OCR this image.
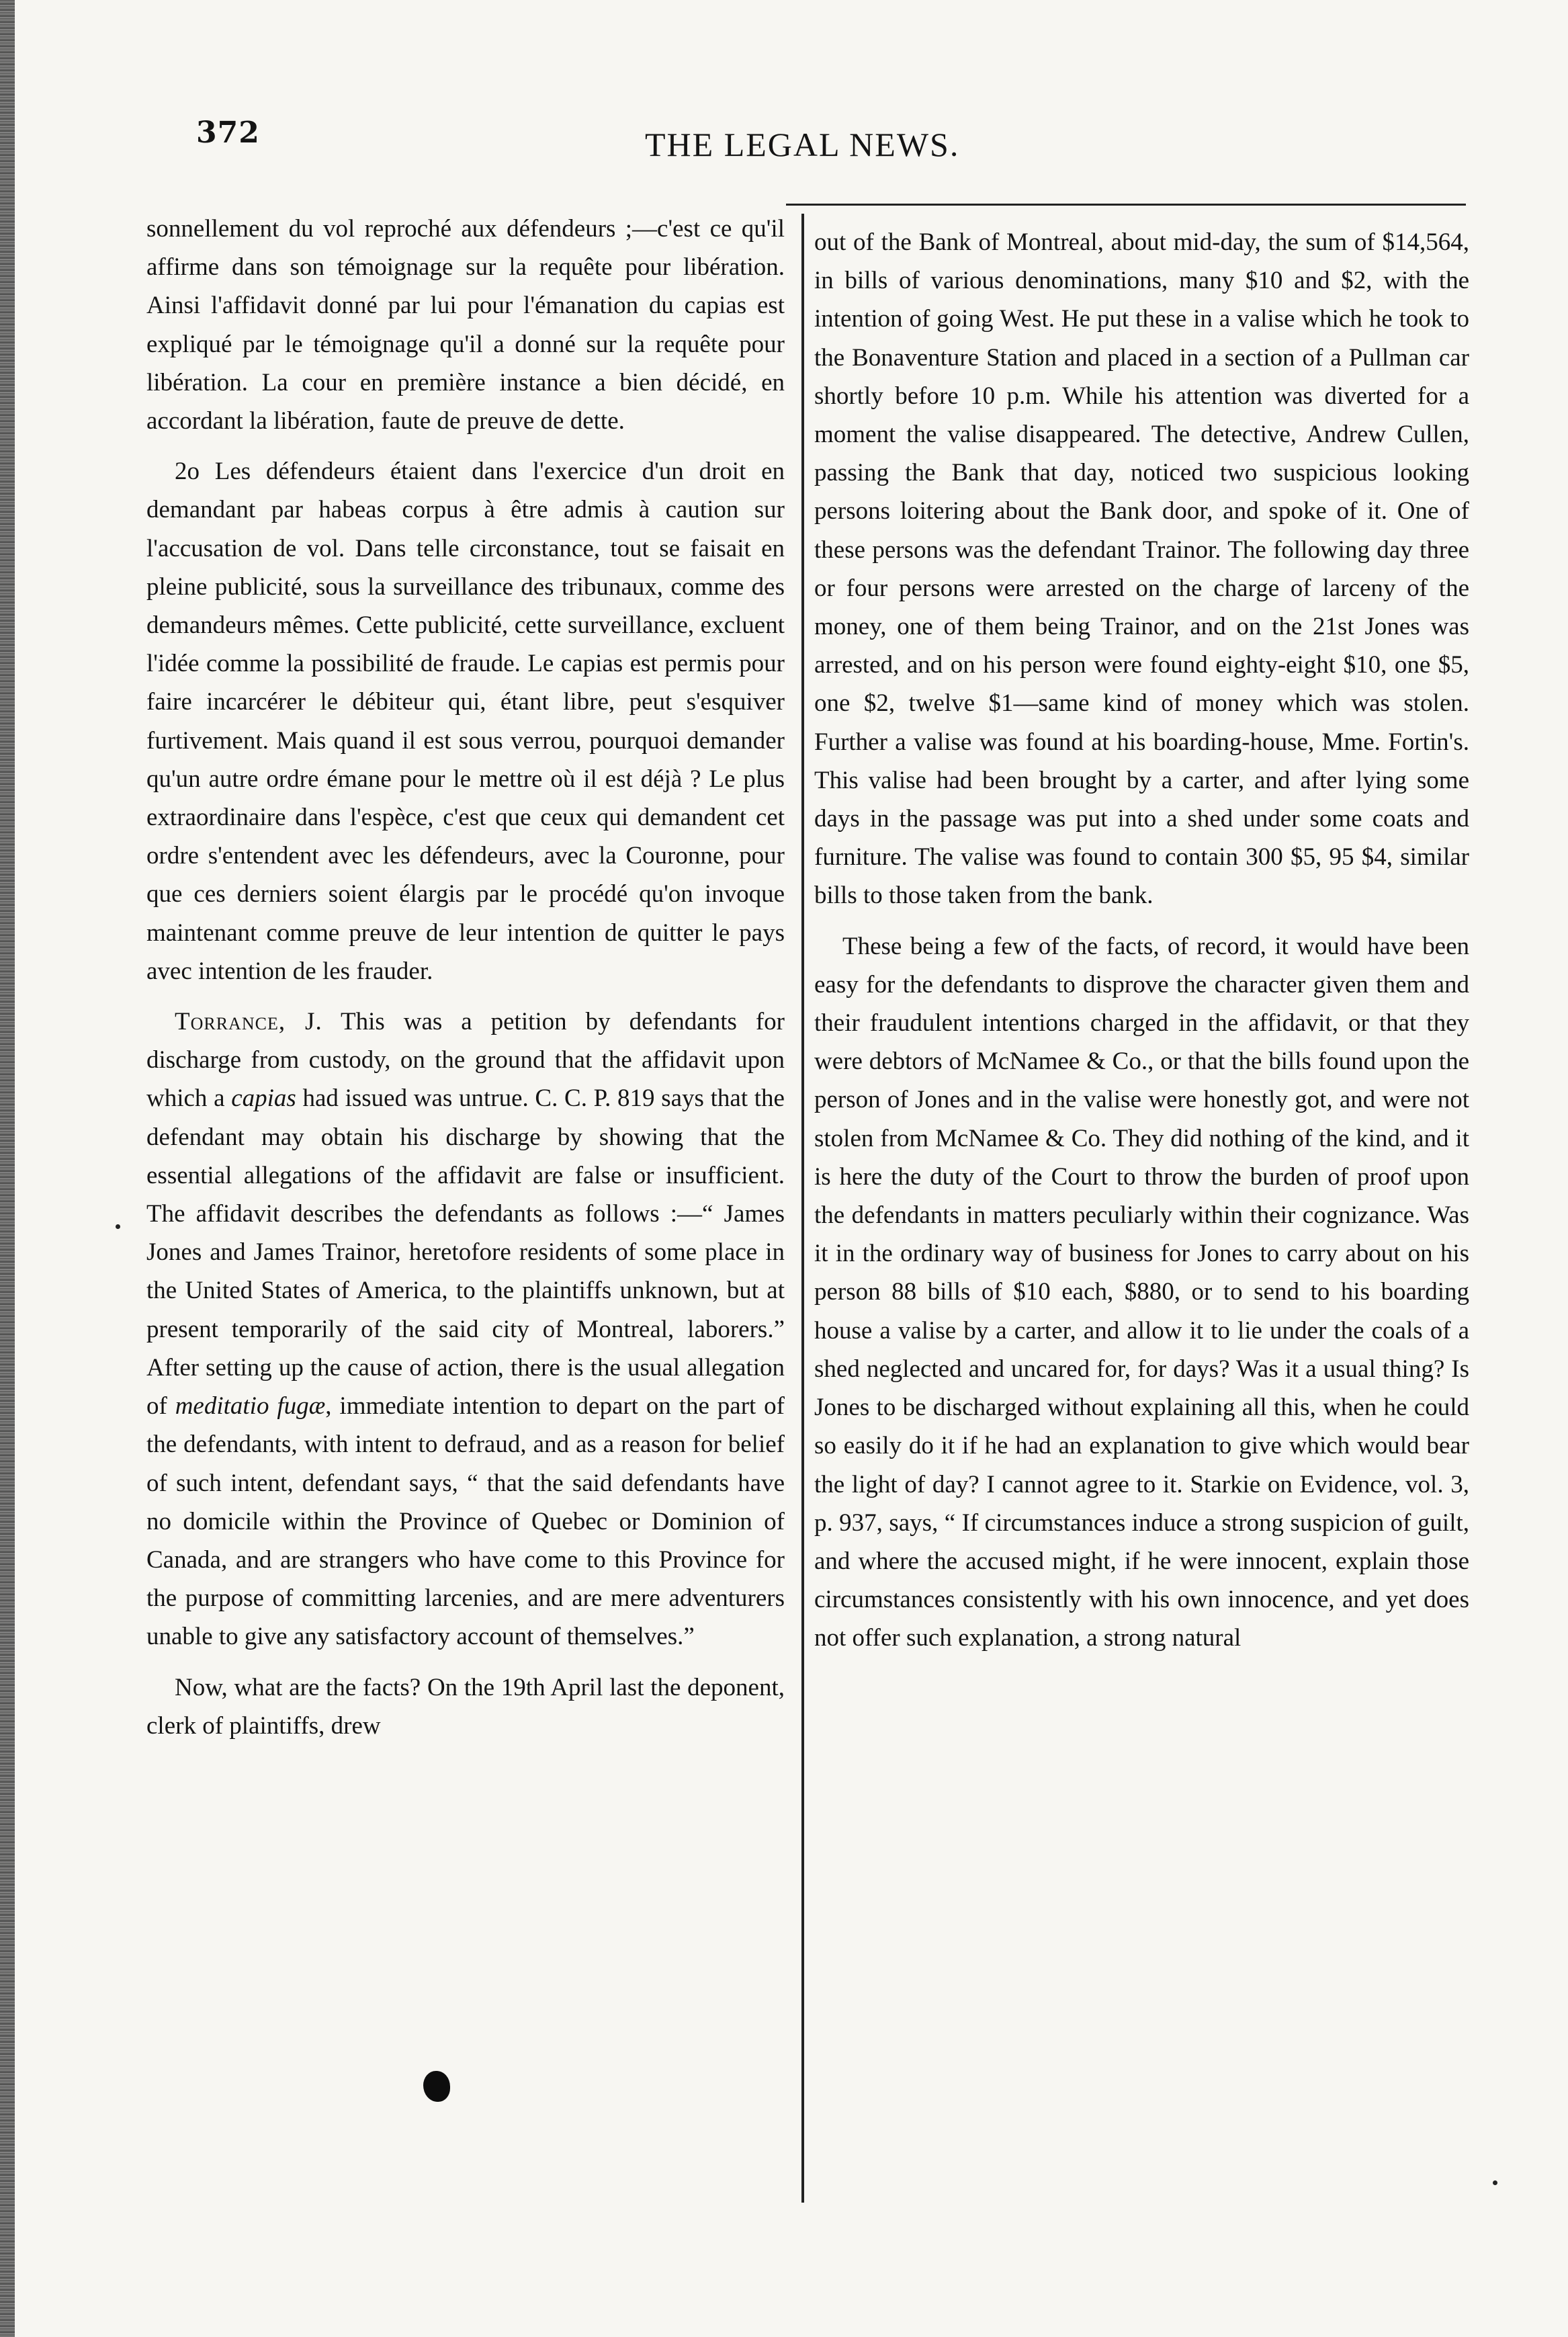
372	THE LEGAL NEWS.

sonnellement du vol reproché aux défendeurs ;—c'est ce qu'il affirme dans son témoignage sur la requête pour libération. Ainsi l'affidavit donné par lui pour l'émanation du capias est expliqué par le témoignage qu'il a donné sur la requête pour libération. La cour en première instance a bien décidé, en accordant la libération, faute de preuve de dette.

2o Les défendeurs étaient dans l'exercice d'un droit en demandant par habeas corpus à être admis à caution sur l'accusation de vol. Dans telle circonstance, tout se faisait en pleine publicité, sous la surveillance des tribunaux, comme des demandeurs mêmes. Cette publicité, cette surveillance, excluent l'idée comme la possibilité de fraude. Le capias est permis pour faire incarcérer le débiteur qui, étant libre, peut s'esquiver furtivement. Mais quand il est sous verrou, pourquoi demander qu'un autre ordre émane pour le mettre où il est déjà ? Le plus extraordinaire dans l'espèce, c'est que ceux qui demandent cet ordre s'entendent avec les défendeurs, avec la Couronne, pour que ces derniers soient élargis par le procédé qu'on invoque maintenant comme preuve de leur intention de quitter le pays avec intention de les frauder.

Torrance, J. This was a petition by defendants for discharge from custody, on the ground that the affidavit upon which a capias had issued was untrue. C. C. P. 819 says that the defendant may obtain his discharge by showing that the essential allegations of the affidavit are false or insufficient. The affidavit describes the defendants as follows :—“ James Jones and James Trainor, heretofore residents of some place in the United States of America, to the plaintiffs unknown, but at present temporarily of the said city of Montreal, laborers.” After setting up the cause of action, there is the usual allegation of meditatio fugæ, immediate intention to depart on the part of the defendants, with intent to defraud, and as a reason for belief of such intent, defendant says, “ that the said defendants have no domicile within the Province of Quebec or Dominion of Canada, and are strangers who have come to this Province for the purpose of committing larcenies, and are mere adventurers unable to give any satisfactory account of themselves.”

Now, what are the facts? On the 19th April last the deponent, clerk of plaintiffs, drew

out of the Bank of Montreal, about mid-day, the sum of $14,564, in bills of various denominations, many $10 and $2, with the intention of going West. He put these in a valise which he took to the Bonaventure Station and placed in a section of a Pullman car shortly before 10 p.m. While his attention was diverted for a moment the valise disappeared. The detective, Andrew Cullen, passing the Bank that day, noticed two suspicious looking persons loitering about the Bank door, and spoke of it. One of these persons was the defendant Trainor. The following day three or four persons were arrested on the charge of larceny of the money, one of them being Trainor, and on the 21st Jones was arrested, and on his person were found eighty-eight $10, one $5, one $2, twelve $1—same kind of money which was stolen. Further a valise was found at his boarding-house, Mme. Fortin's. This valise had been brought by a carter, and after lying some days in the passage was put into a shed under some coats and furniture. The valise was found to contain 300 $5, 95 $4, similar bills to those taken from the bank.

These being a few of the facts, of record, it would have been easy for the defendants to disprove the character given them and their fraudulent intentions charged in the affidavit, or that they were debtors of McNamee & Co., or that the bills found upon the person of Jones and in the valise were honestly got, and were not stolen from McNamee & Co. They did nothing of the kind, and it is here the duty of the Court to throw the burden of proof upon the defendants in matters peculiarly within their cognizance. Was it in the ordinary way of business for Jones to carry about on his person 88 bills of $10 each, $880, or to send to his boarding house a valise by a carter, and allow it to lie under the coals of a shed neglected and uncared for, for days? Was it a usual thing? Is Jones to be discharged without explaining all this, when he could so easily do it if he had an explanation to give which would bear the light of day? I cannot agree to it. Starkie on Evidence, vol. 3, p. 937, says, “ If circumstances induce a strong suspicion of guilt, and where the accused might, if he were innocent, explain those circumstances consistently with his own innocence, and yet does not offer such explanation, a strong natural
